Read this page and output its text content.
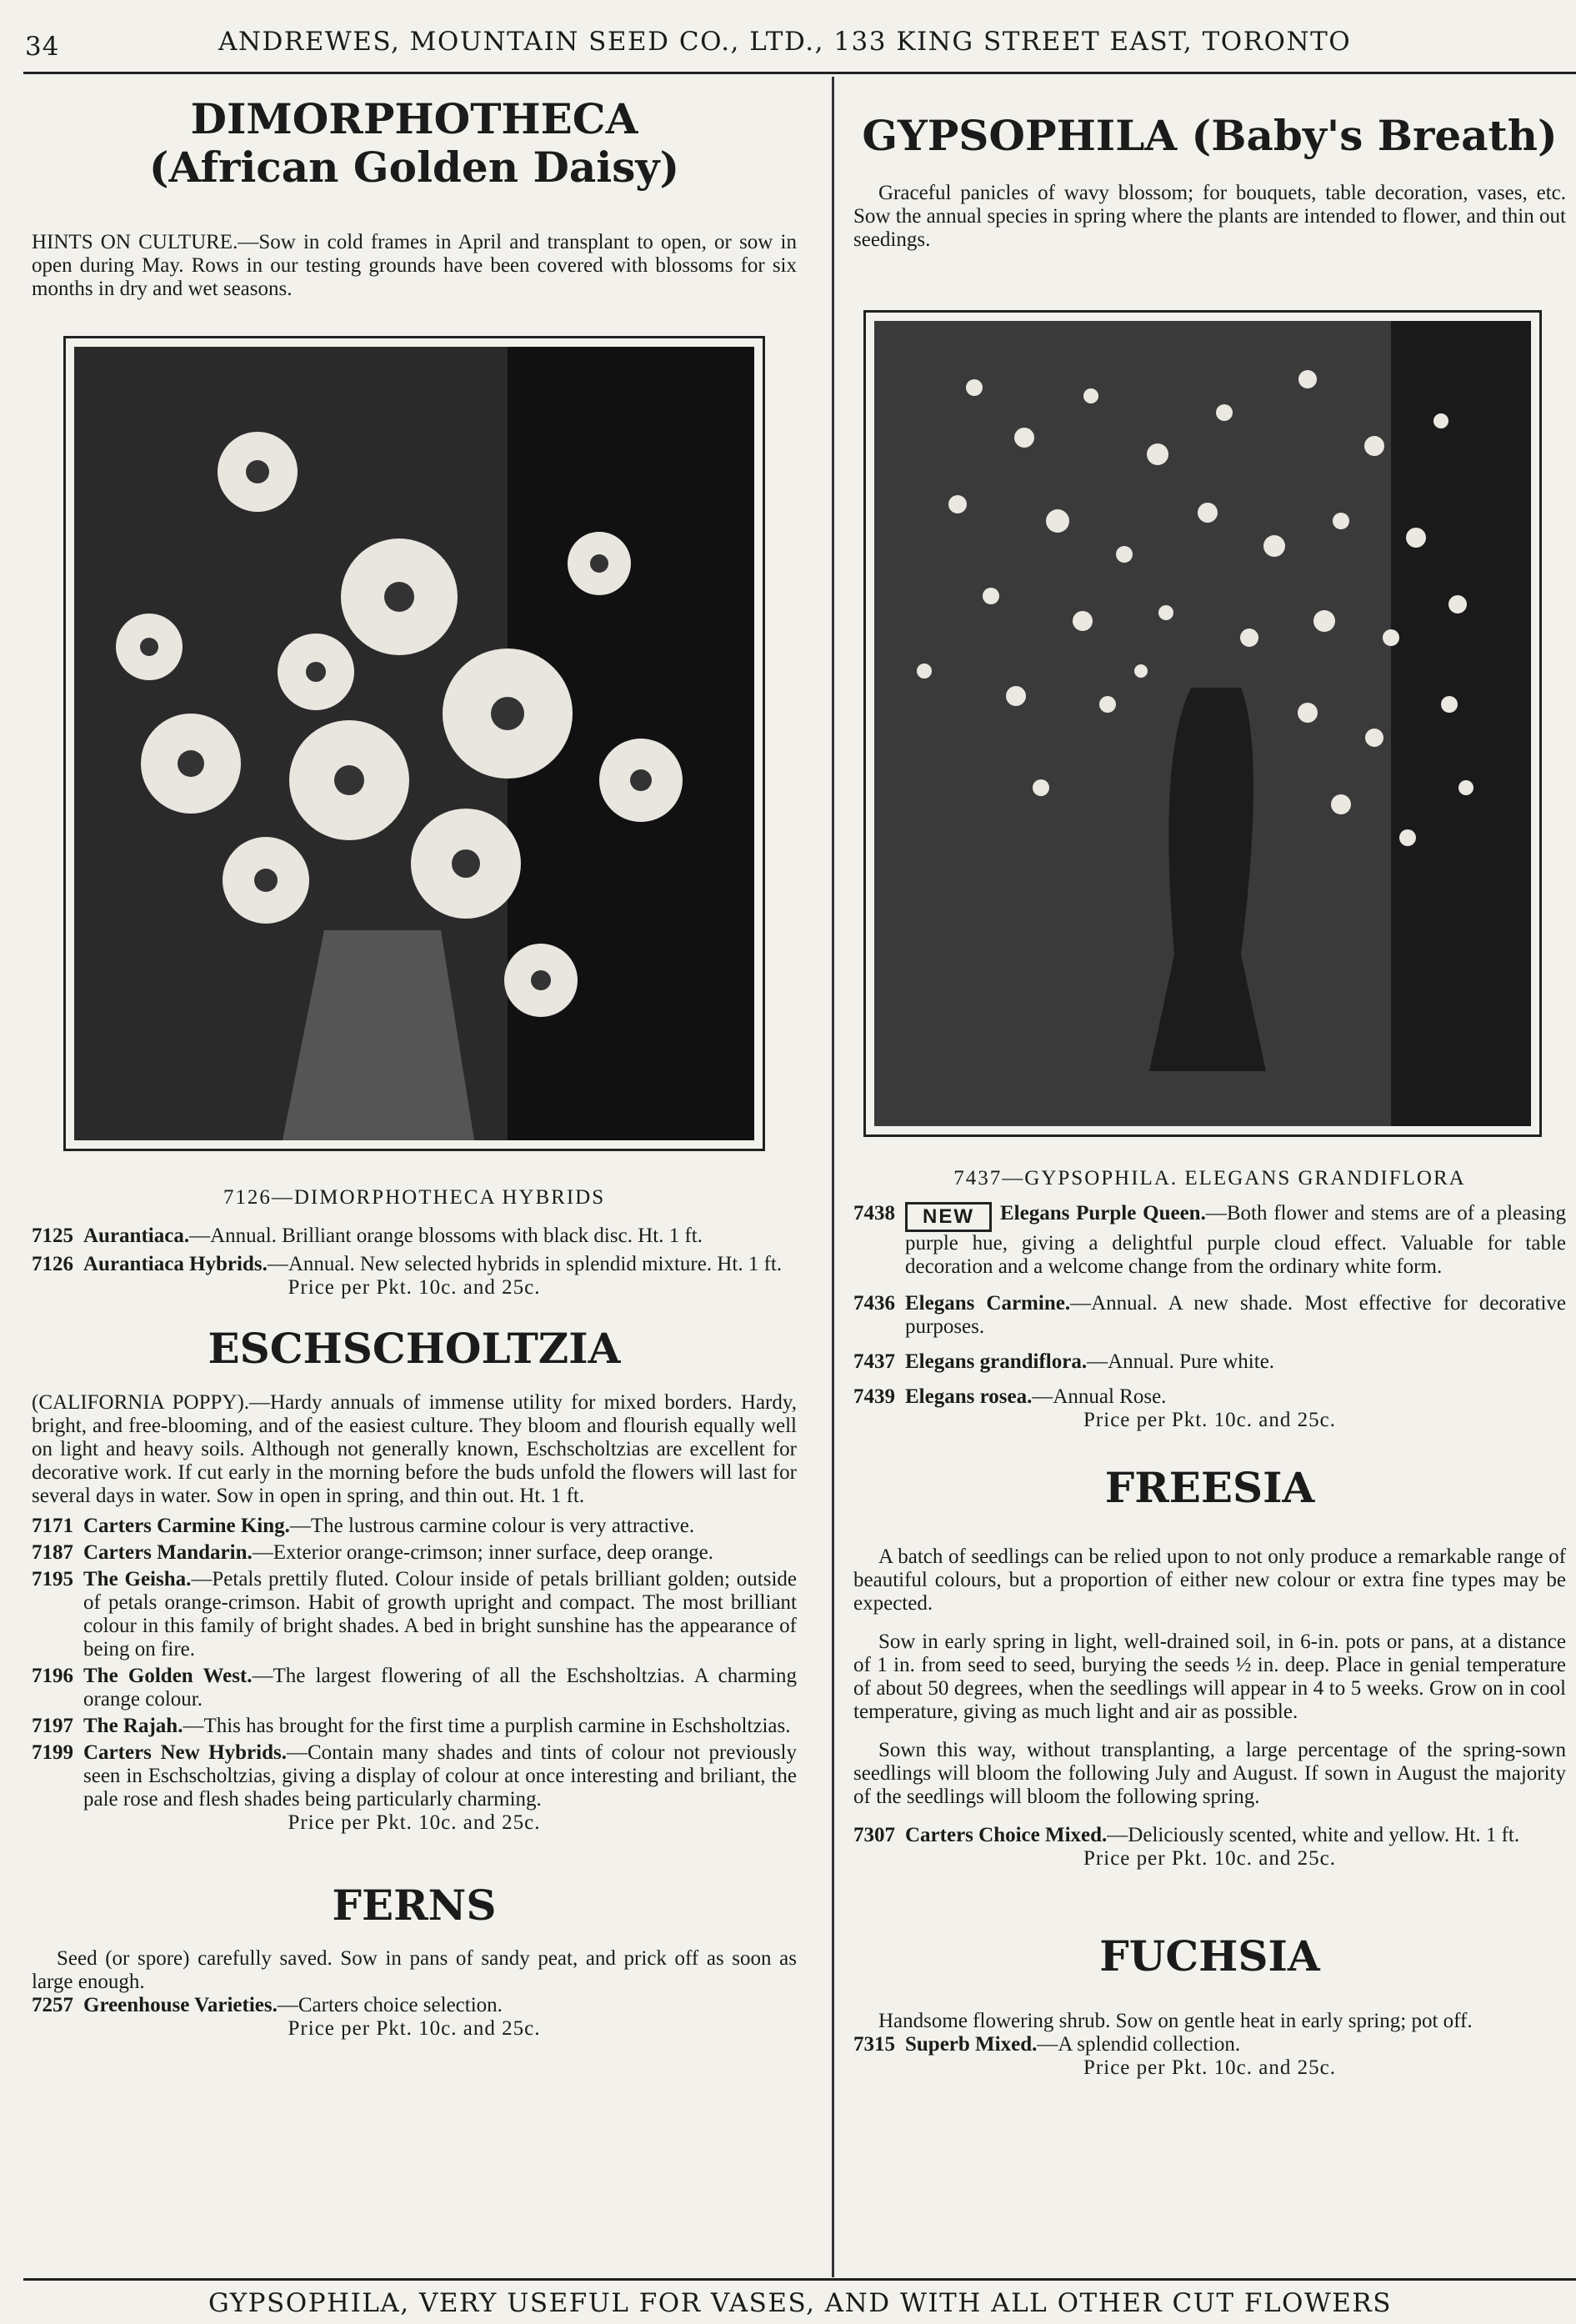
34	ANDREWES, MOUNTAIN SEED CO., LTD., 133 KING STREET EAST, TORONTO
DIMORPHOTHECA
(African Golden Daisy)

HINTS ON CULTURE.—Sow in cold frames in April and transplant to open, or sow in open during May. Rows in our testing grounds have been covered with blossoms for six months in dry and wet seasons.

7126—DIMORPHOTHECA HYBRIDS

7125 Aurantiaca.—Annual. Brilliant orange blossoms with black disc. Ht. 1 ft.
7126 Aurantiaca Hybrids.—Annual. New selected hybrids in splendid mixture. Ht. 1 ft.

Price per Pkt. 10c. and 25c.

ESCHSCHOLTZIA

(CALIFORNIA POPPY).—Hardy annuals of immense utility for mixed borders. Hardy, bright, and free-blooming, and of the easiest culture. They bloom and flourish equally well on light and heavy soils. Although not generally known, Eschscholtzias are excellent for decorative work. If cut early in the morning before the buds unfold the flowers will last for several days in water. Sow in open in spring, and thin out. Ht. 1 ft.

7171 Carters Carmine King.—The lustrous carmine colour is very attractive.
7187 Carters Mandarin.—Exterior orange-crimson; inner surface, deep orange.
7195 The Geisha.—Petals prettily fluted. Colour inside of petals brilliant golden; outside of petals orange-crimson. Habit of growth upright and compact. The most brilliant colour in this family of bright shades. A bed in bright sunshine has the appearance of being on fire.
7196 The Golden West.—The largest flowering of all the Eschsholtzias. A charming orange colour.
7197 The Rajah.—This has brought for the first time a purplish carmine in Eschsholtzias.
7199 Carters New Hybrids.—Contain many shades and tints of colour not previously seen in Eschscholtzias, giving a display of colour at once interesting and briliant, the pale rose and flesh shades being particularly charming.

Price per Pkt. 10c. and 25c.

FERNS

Seed (or spore) carefully saved. Sow in pans of sandy peat, and prick off as soon as large enough.

7257 Greenhouse Varieties.—Carters choice selection.

Price per Pkt. 10c. and 25c.

GYPSOPHILA (Baby's Breath)

Graceful panicles of wavy blossom; for bouquets, table decoration, vases, etc. Sow the annual species in spring where the plants are intended to flower, and thin out seedings.

7437—GYPSOPHILA. ELEGANS GRANDIFLORA

7438	NEW Elegans Purple Queen.—Both flower and stems are of a pleasing purple hue, giving a delightful purple cloud effect. Valuable for table decoration and a welcome change from the ordinary white form.
7436 Elegans Carmine.—Annual. A new shade. Most effective for decorative purposes.
7437 Elegans grandiflora.—Annual. Pure white.
7439 Elegans rosea.—Annual Rose.

Price per Pkt. 10c. and 25c.

FREESIA

A batch of seedlings can be relied upon to not only produce a remarkable range of beautiful colours, but a proportion of either new colour or extra fine types may be expected.

Sow in early spring in light, well-drained soil, in 6-in. pots or pans, at a distance of 1 in. from seed to seed, burying the seeds ½ in. deep. Place in genial temperature of about 50 degrees, when the seedlings will appear in 4 to 5 weeks. Grow on in cool temperature, giving as much light and air as possible.

Sown this way, without transplanting, a large percentage of the spring-sown seedlings will bloom the following July and August. If sown in August the majority of the seedlings will bloom the following spring.

7307 Carters Choice Mixed.—Deliciously scented, white and yellow. Ht. 1 ft.

Price per Pkt. 10c. and 25c.

FUCHSIA

Handsome flowering shrub. Sow on gentle heat in early spring; pot off.

7315 Superb Mixed.—A splendid collection.

Price per Pkt. 10c. and 25c.

GYPSOPHILA, VERY USEFUL FOR VASES, AND WITH ALL OTHER CUT FLOWERS
